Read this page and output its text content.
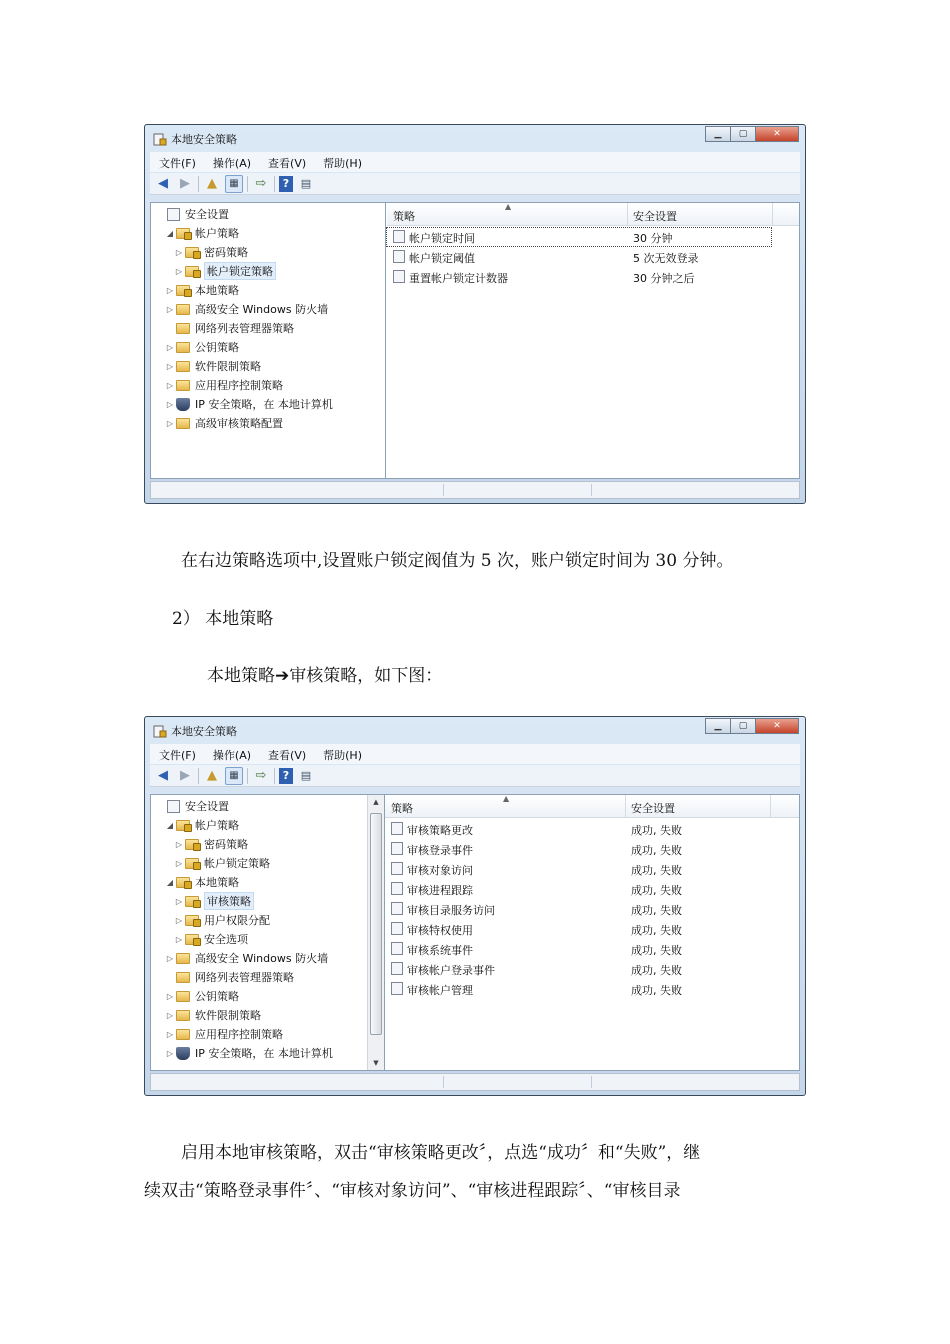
本地安全策略	▁	▢	✕
文件(F)	操作(A)	查看(V)	帮助(H)
◀ ▶	▲	▦	⇨	?	▤
安全设置
◢ 帐户策略
▷ 密码策略
▷ 帐户锁定策略
▷ 本地策略
▷ 高级安全 Windows 防火墙
网络列表管理器策略
▷ 公钥策略
▷ 软件限制策略
▷ 应用程序控制策略
▷ IP 安全策略，在 本地计算机
▷ 高级审核策略配置
策略
▲
安全设置
帐户锁定时间	30 分钟
帐户锁定阈值	5 次无效登录
重置帐户锁定计数器	30 分钟之后
在右边策略选项中,设置账户锁定阀值为 5 次，账户锁定时间为 30 分钟。
2） 本地策略
本地策略➔审核策略，如下图：
本地安全策略	▁	▢	✕
文件(F)	操作(A)	查看(V)	帮助(H)
◀ ▶	▲	▦	⇨	?	▤
安全设置
◢ 帐户策略
▷ 密码策略
▷ 帐户锁定策略
◢ 本地策略
▷ 审核策略
▷ 用户权限分配
▷ 安全选项
▷ 高级安全 Windows 防火墙
网络列表管理器策略
▷ 公钥策略
▷ 软件限制策略
▷ 应用程序控制策略
▷ IP 安全策略，在 本地计算机
▲
▼
策略
▲
安全设置
审核策略更改	成功, 失败
审核登录事件	成功, 失败
审核对象访问	成功, 失败
审核进程跟踪	成功, 失败
审核目录服务访问	成功, 失败
审核特权使用	成功, 失败
审核系统事件	成功, 失败
审核帐户登录事件	成功, 失败
审核帐户管理	成功, 失败
启用本地审核策略，双击“审核策略更改〞，点选“成功〞和“失败”，继
续双击“策略登录事件〞、“审核对象访问”、“审核进程跟踪〞、“审核目录
